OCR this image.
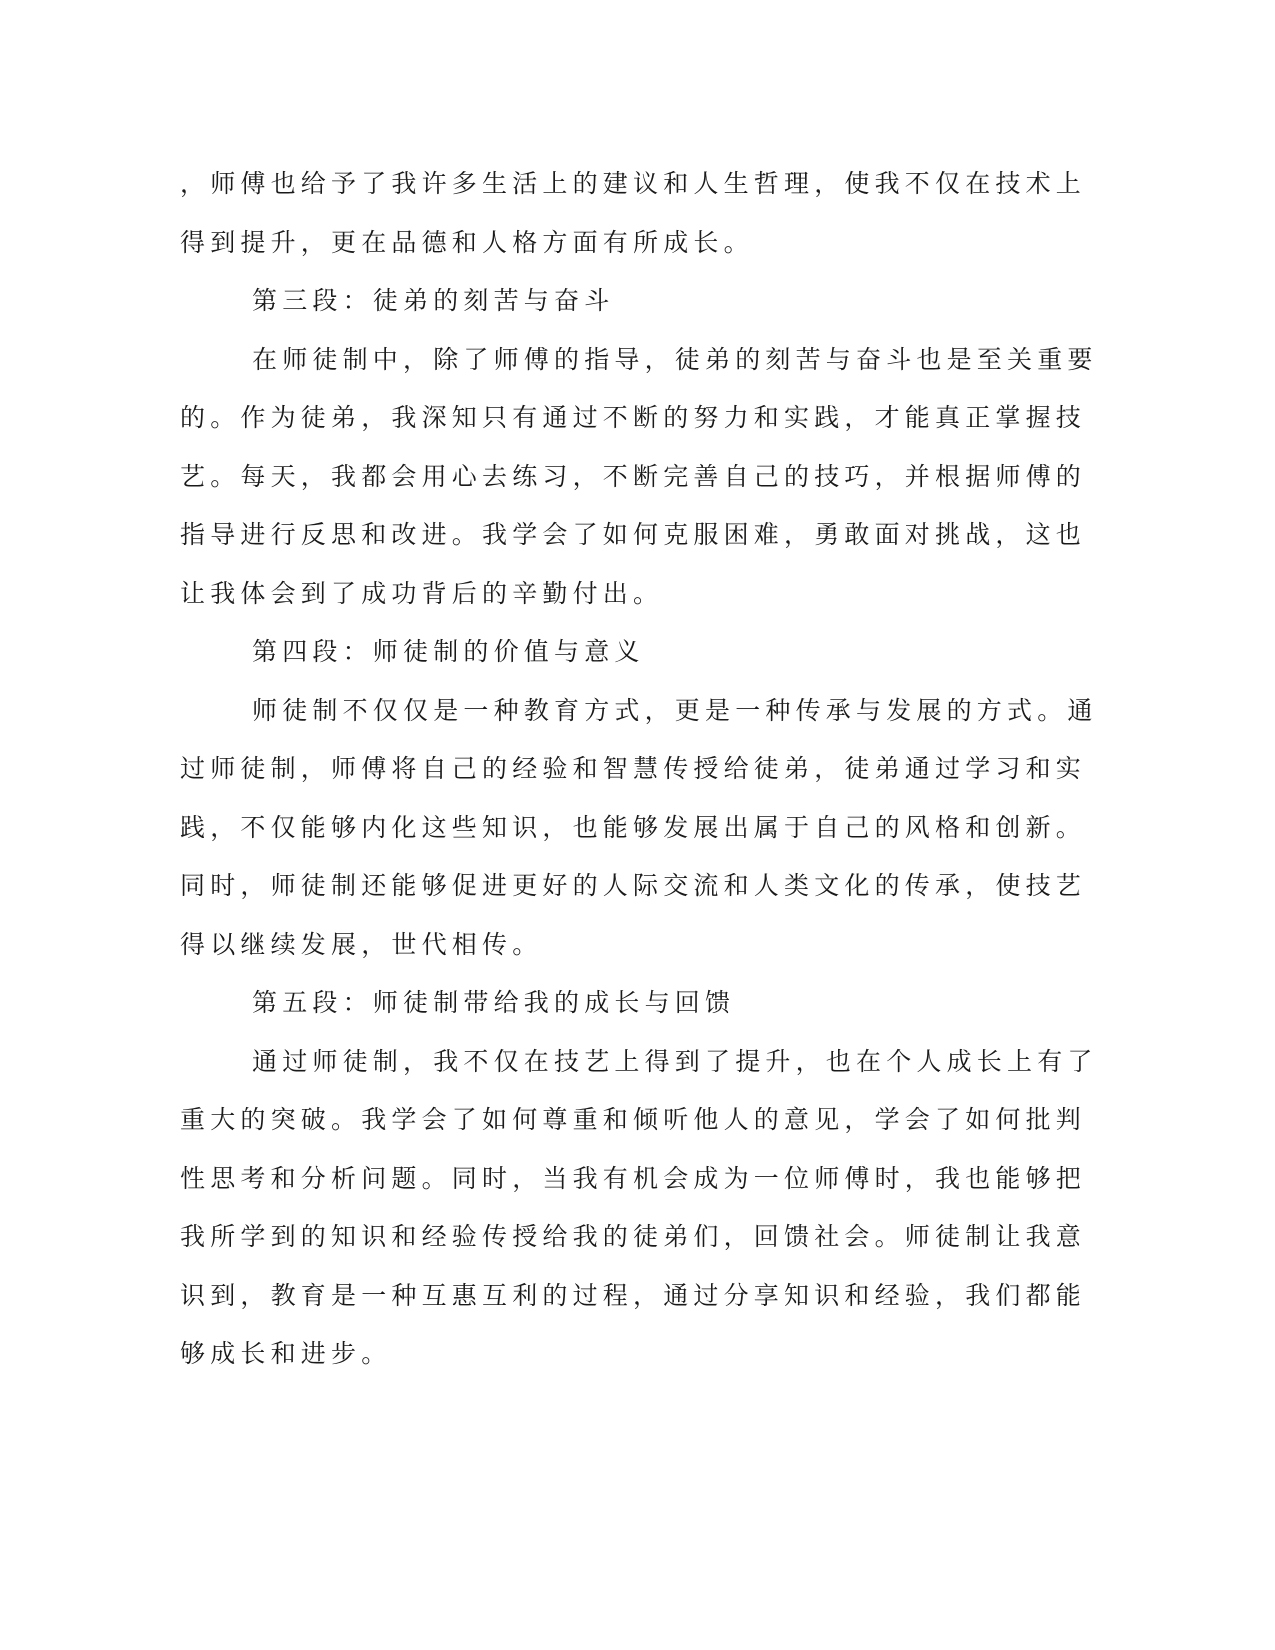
，师傅也给予了我许多生活上的建议和人生哲理，使我不仅在技术上
得到提升，更在品德和人格方面有所成长。
第三段：徒弟的刻苦与奋斗
在师徒制中，除了师傅的指导，徒弟的刻苦与奋斗也是至关重要
的。作为徒弟，我深知只有通过不断的努力和实践，才能真正掌握技
艺。每天，我都会用心去练习，不断完善自己的技巧，并根据师傅的
指导进行反思和改进。我学会了如何克服困难，勇敢面对挑战，这也
让我体会到了成功背后的辛勤付出。
第四段：师徒制的价值与意义
师徒制不仅仅是一种教育方式，更是一种传承与发展的方式。通
过师徒制，师傅将自己的经验和智慧传授给徒弟，徒弟通过学习和实
践，不仅能够内化这些知识，也能够发展出属于自己的风格和创新。
同时，师徒制还能够促进更好的人际交流和人类文化的传承，使技艺
得以继续发展，世代相传。
第五段：师徒制带给我的成长与回馈
通过师徒制，我不仅在技艺上得到了提升，也在个人成长上有了
重大的突破。我学会了如何尊重和倾听他人的意见，学会了如何批判
性思考和分析问题。同时，当我有机会成为一位师傅时，我也能够把
我所学到的知识和经验传授给我的徒弟们，回馈社会。师徒制让我意
识到，教育是一种互惠互利的过程，通过分享知识和经验，我们都能
够成长和进步。
